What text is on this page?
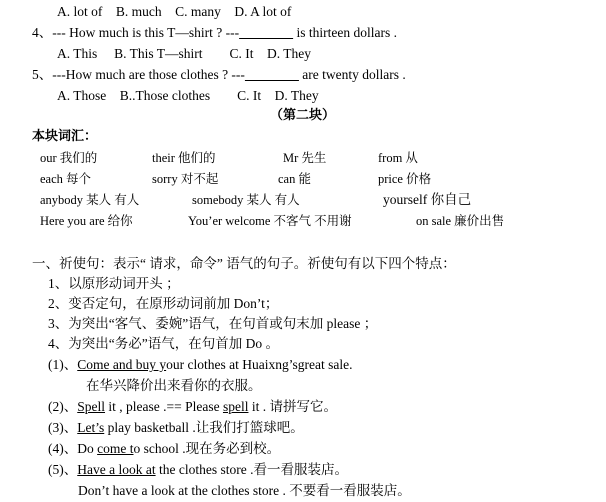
A. lot of B. much C. many D. A lot of
4、--- How much is this T—shirt ? ---	is thirteen dollars .
A. This B. This T—shirt C. It D. They
5、---How much are those clothes ? ---	are twenty dollars .
A. Those B..Those clothes C. It D. They
（第二块）
本块词汇：
our 我们的	their 他们的	Mr 先生	from 从
each 每个	sorry 对不起	can 能	price 价格
anybody 某人 有人	somebody 某人 有人	yourself 你自己
Here you are 给你	You’er welcome 不客气 不用谢	on sale 廉价出售
一、祈使句：表示“ 请求，命令” 语气的句子。祈使句有以下四个特点：
1、以原形动词开头 ；
2、变否定句，在原形动词前加 Don’t；
3、为突出“客气、委婉”语气，在句首或句末加 please ；
4、为突出“务必”语气，在句首加 Do 。
(1)、Come and buy your clothes at Huaixng’sgreat sale.
在华兴降价出来看你的衣服。
(2)、Spell it , please .== Please spell it . 请拼写它。
(3)、Let’s play basketball .让我们打篮球吧。
(4)、Do come to school .现在务必到校。
(5)、Have a look at the clothes store .看一看服装店。
Don’t have a look at the clothes store . 不要看一看服装店。
